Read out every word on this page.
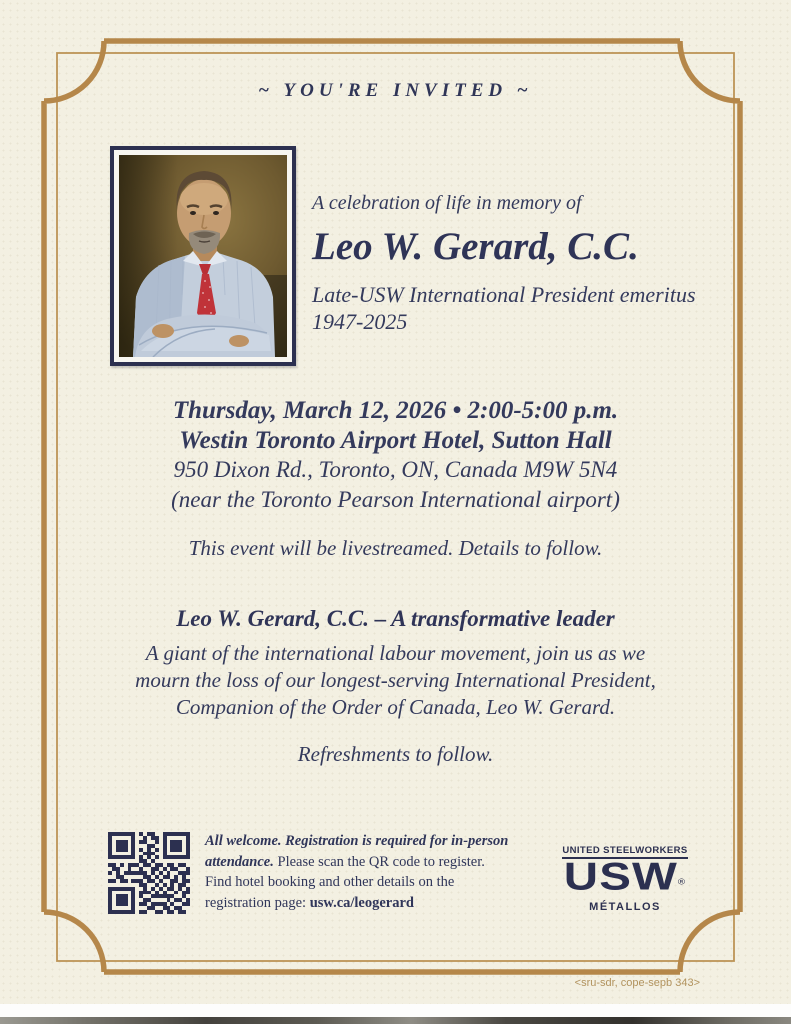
~ YOU'RE INVITED ~
A celebration of life in memory of
Leo W. Gerard, C.C.
Late-USW International President emeritus
1947-2025
Thursday, March 12, 2026 • 2:00-5:00 p.m.
Westin Toronto Airport Hotel, Sutton Hall
950 Dixon Rd., Toronto, ON, Canada M9W 5N4
(near the Toronto Pearson International airport)
This event will be livestreamed. Details to follow.
Leo W. Gerard, C.C. – A transformative leader
A giant of the international labour movement, join us as we
mourn the loss of our longest-serving International President,
Companion of the Order of Canada, Leo W. Gerard.
Refreshments to follow.
All welcome. Registration is required for in-person
attendance. Please scan the QR code to register.
Find hotel booking and other details on the
registration page: usw.ca/leogerard
UNITED STEELWORKERS
USW®
MÉTALLOS
<sru-sdr, cope-sepb 343>
